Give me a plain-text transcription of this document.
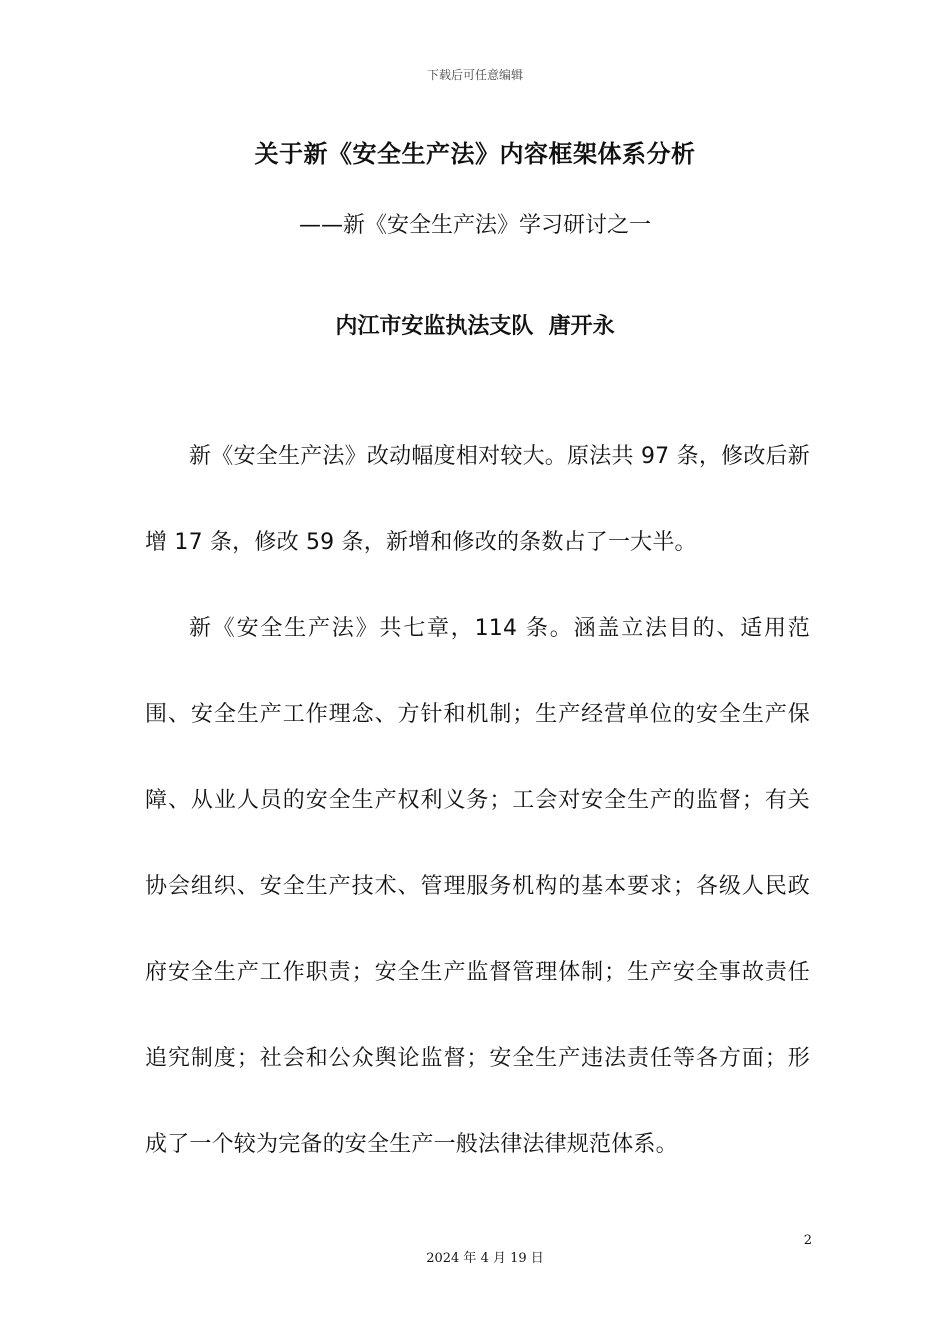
下载后可任意编辑
关于新《安全生产法》内容框架体系分析
——新《安全生产法》学习研讨之一
内江市安监执法支队  唐开永

新《安全生产法》改动幅度相对较大。原法共 97 条，修改后新增 17 条，修改 59 条，新增和修改的条数占了一大半。

新《安全生产法》共七章，114 条。涵盖立法目的、适用范围、安全生产工作理念、方针和机制；生产经营单位的安全生产保障、从业人员的安全生产权利义务；工会对安全生产的监督；有关协会组织、安全生产技术、管理服务机构的基本要求；各级人民政府安全生产工作职责；安全生产监督管理体制；生产安全事故责任追究制度；社会和公众舆论监督；安全生产违法责任等各方面；形成了一个较为完备的安全生产一般法律法律规范体系。

2
2024 年 4 月 19 日
